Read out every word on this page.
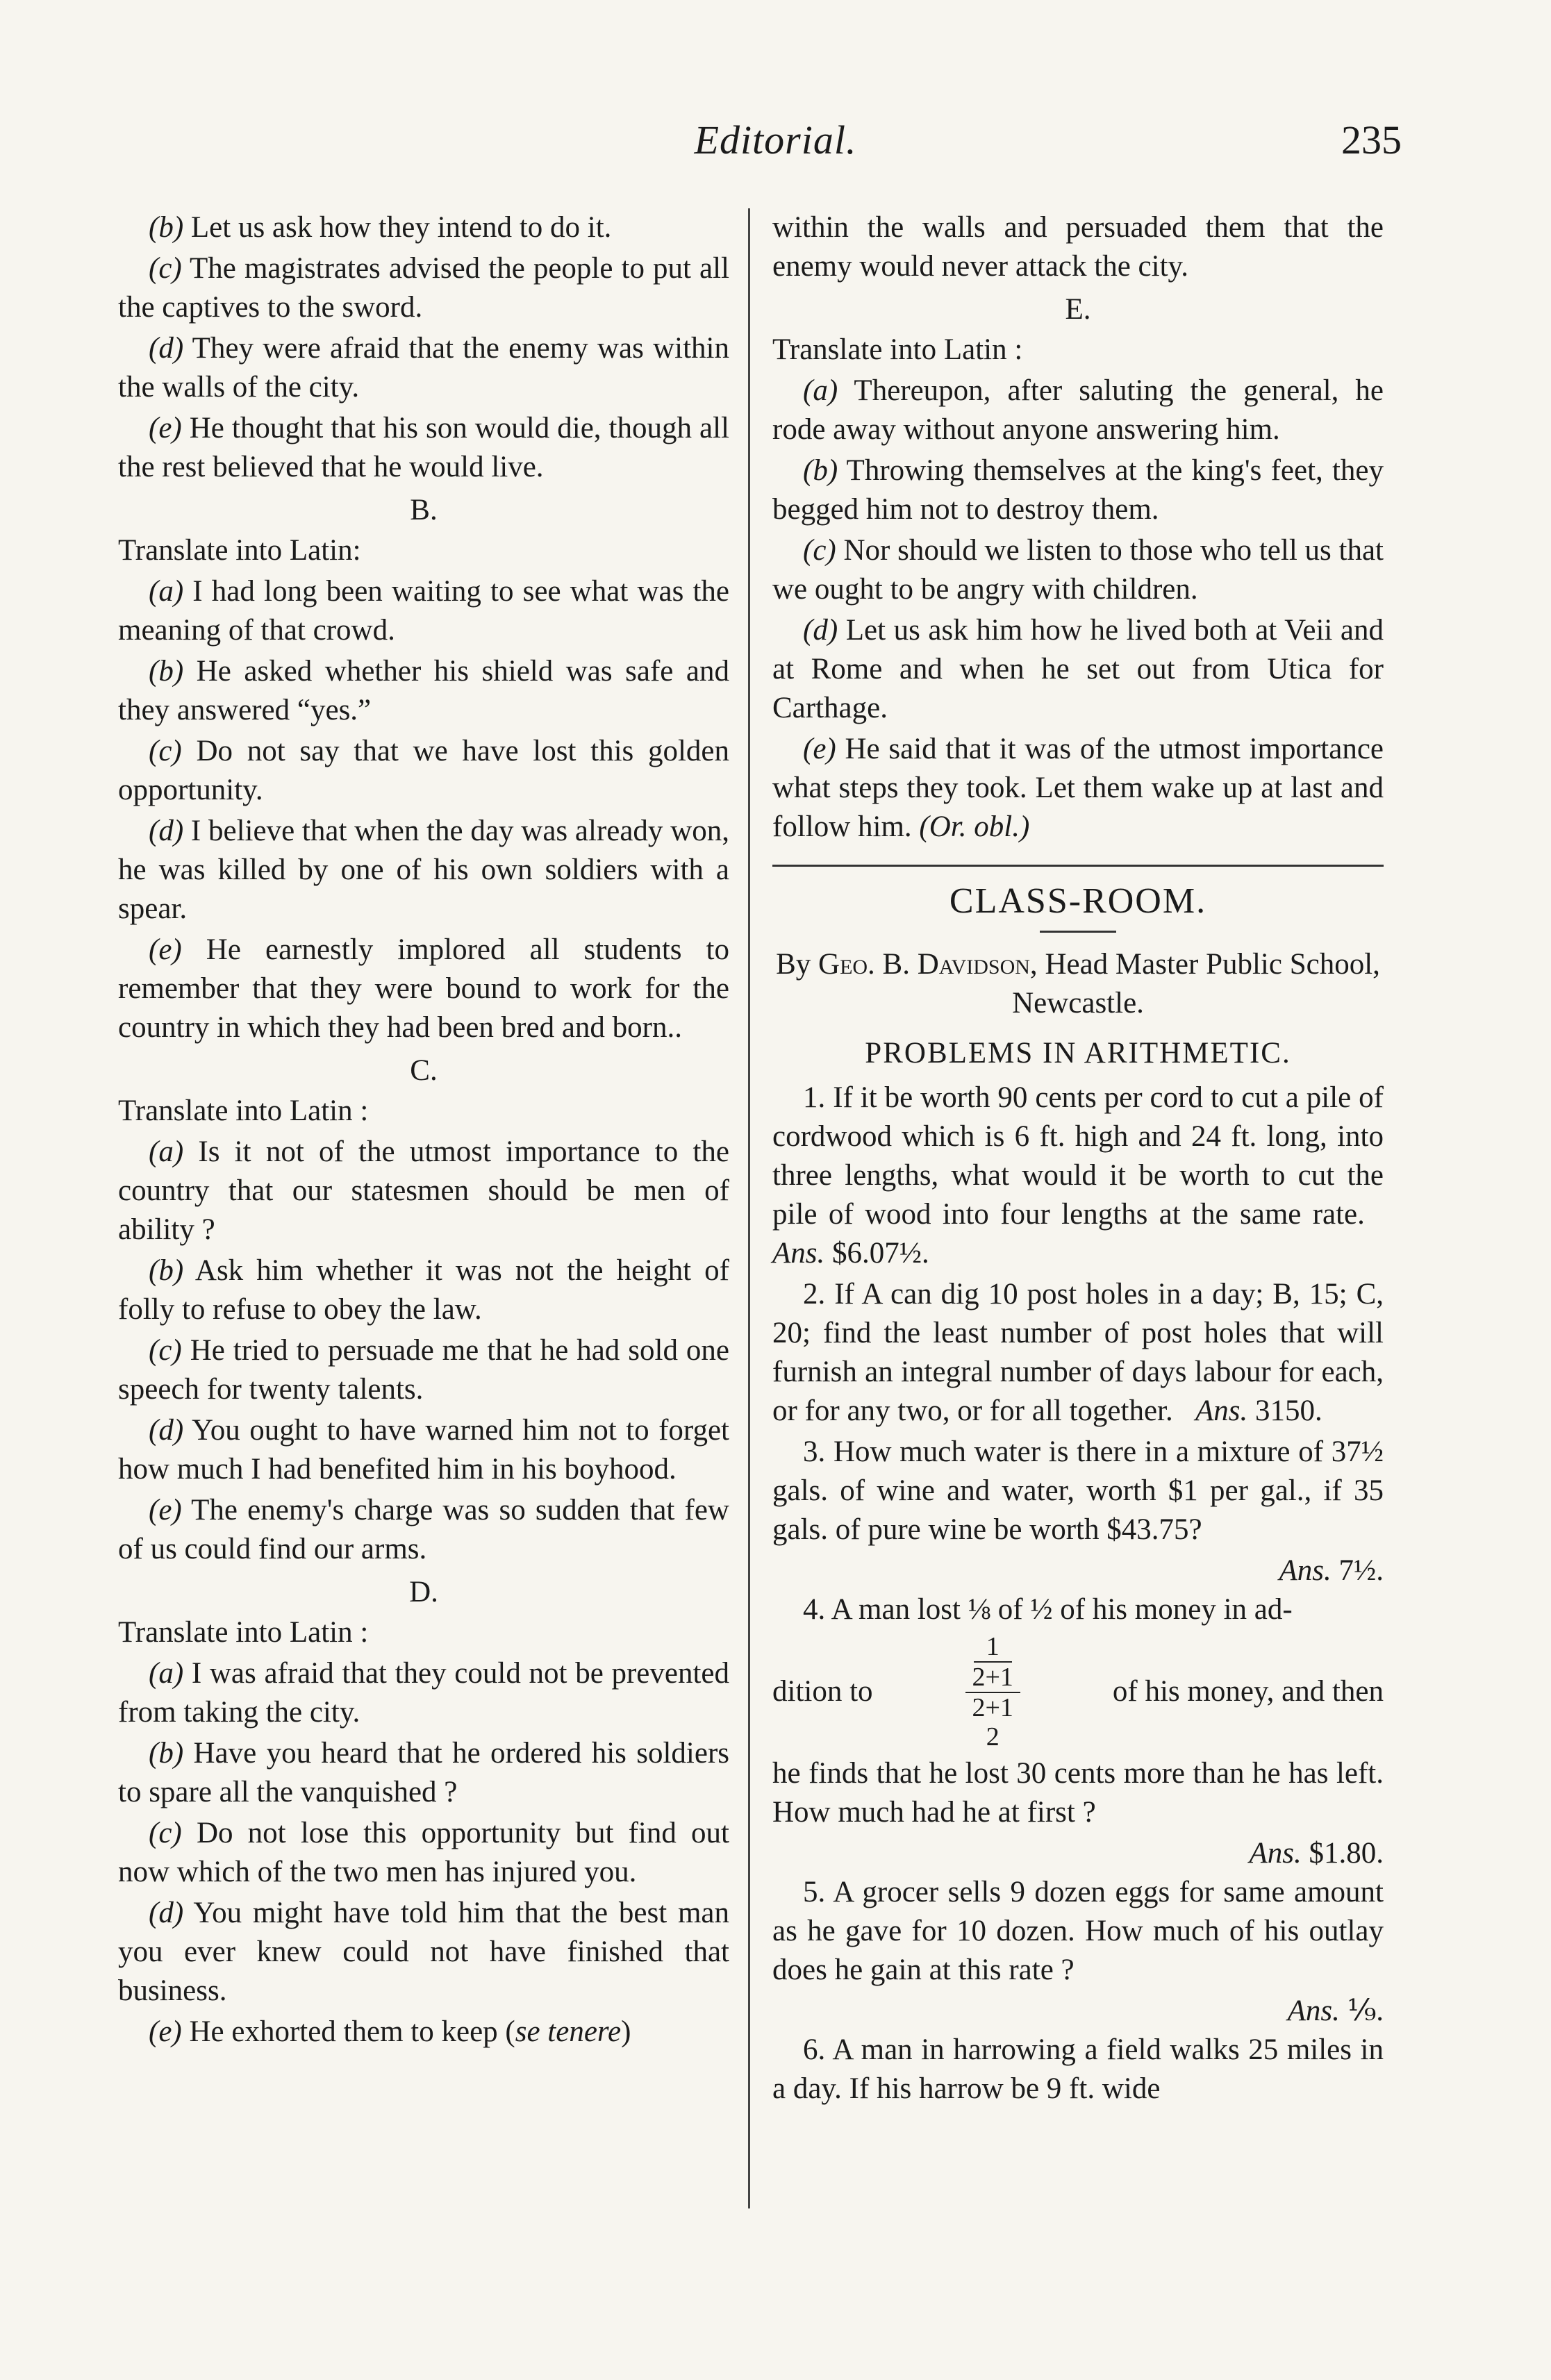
Editorial.	235

(b) Let us ask how they intend to do it.

(c) The magistrates advised the people to put all the captives to the sword.

(d) They were afraid that the enemy was within the walls of the city.

(e) He thought that his son would die, though all the rest believed that he would live.

B.

Translate into Latin:

(a) I had long been waiting to see what was the meaning of that crowd.

(b) He asked whether his shield was safe and they answered “yes.”

(c) Do not say that we have lost this golden opportunity.

(d) I believe that when the day was already won, he was killed by one of his own soldiers with a spear.

(e) He earnestly implored all students to remember that they were bound to work for the country in which they had been bred and born..

C.

Translate into Latin :

(a) Is it not of the utmost importance to the country that our statesmen should be men of ability ?

(b) Ask him whether it was not the height of folly to refuse to obey the law.

(c) He tried to persuade me that he had sold one speech for twenty talents.

(d) You ought to have warned him not to forget how much I had benefited him in his boyhood.

(e) The enemy's charge was so sudden that few of us could find our arms.

D.

Translate into Latin :

(a) I was afraid that they could not be prevented from taking the city.

(b) Have you heard that he ordered his soldiers to spare all the vanquished ?

(c) Do not lose this opportunity but find out now which of the two men has injured you.

(d) You might have told him that the best man you ever knew could not have finished that business.

(e) He exhorted them to keep (se tenere)

within the walls and persuaded them that the enemy would never attack the city.

E.

Translate into Latin :

(a) Thereupon, after saluting the general, he rode away without anyone answering him.

(b) Throwing themselves at the king's feet, they begged him not to destroy them.

(c) Nor should we listen to those who tell us that we ought to be angry with children.

(d) Let us ask him how he lived both at Veii and at Rome and when he set out from Utica for Carthage.

(e) He said that it was of the utmost importance what steps they took. Let them wake up at last and follow him. (Or. obl.)

CLASS-ROOM.
By Geo. B. Davidson, Head Master Public School, Newcastle.
PROBLEMS IN ARITHMETIC.

1. If it be worth 90 cents per cord to cut a pile of cordwood which is 6 ft. high and 24 ft. long, into three lengths, what would it be worth to cut the pile of wood into four lengths at the same rate.   Ans. $6.07½.

2. If A can dig 10 post holes in a day; B, 15; C, 20; find the least number of post holes that will furnish an integral number of days labour for each, or for any two, or for all together. Ans. 3150.

3. How much water is there in a mixture of 37½ gals. of wine and water, worth $1 per gal., if 35 gals. of pure wine be worth $43.75?

Ans. 7½.

4. A man lost ⅛ of ½ of his money in ad-

dition to
1
2+1
2+1
2
of his money, and then

he finds that he lost 30 cents more than he has left. How much had he at first ?

Ans. $1.80.

5. A grocer sells 9 dozen eggs for same amount as he gave for 10 dozen. How much of his outlay does he gain at this rate ?

Ans. ⅑.

6. A man in harrowing a field walks 25 miles in a day. If his harrow be 9 ft. wide
